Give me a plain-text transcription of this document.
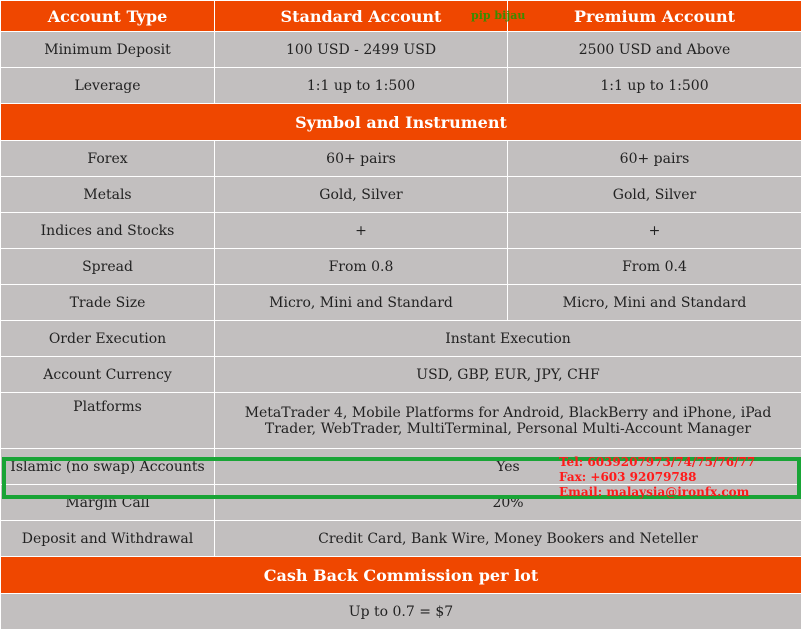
Account Type	Standard Account	Premium Account
Minimum Deposit	100 USD - 2499 USD	2500 USD and Above
Leverage	1:1 up to 1:500	1:1 up to 1:500
Symbol and Instrument		
Forex	60+ pairs	60+ pairs
Metals	Gold, Silver	Gold, Silver
Indices and Stocks	+	+
Spread	From 0.8	From 0.4
Trade Size	Micro, Mini and Standard	Micro, Mini and Standard
Order Execution	Instant Execution	
Account Currency	USD, GBP, EUR, JPY, CHF	
Platforms	MetaTrader 4, Mobile Platforms for Android, BlackBerry and iPhone, iPad Trader, WebTrader, MultiTerminal, Personal Multi-Account Manager	
Islamic (no swap) Accounts	Yes	
Margin Call	20%	
Deposit and Withdrawal	Credit Card, Bank Wire, Money Bookers and Neteller	
Cash Back Commission per lot		
Up to 0.7 = $7		
pip bijau
Tel: 6039207973/74/75/76/77
Fax: +603 92079788
Email: malaysia@ironfx.com
